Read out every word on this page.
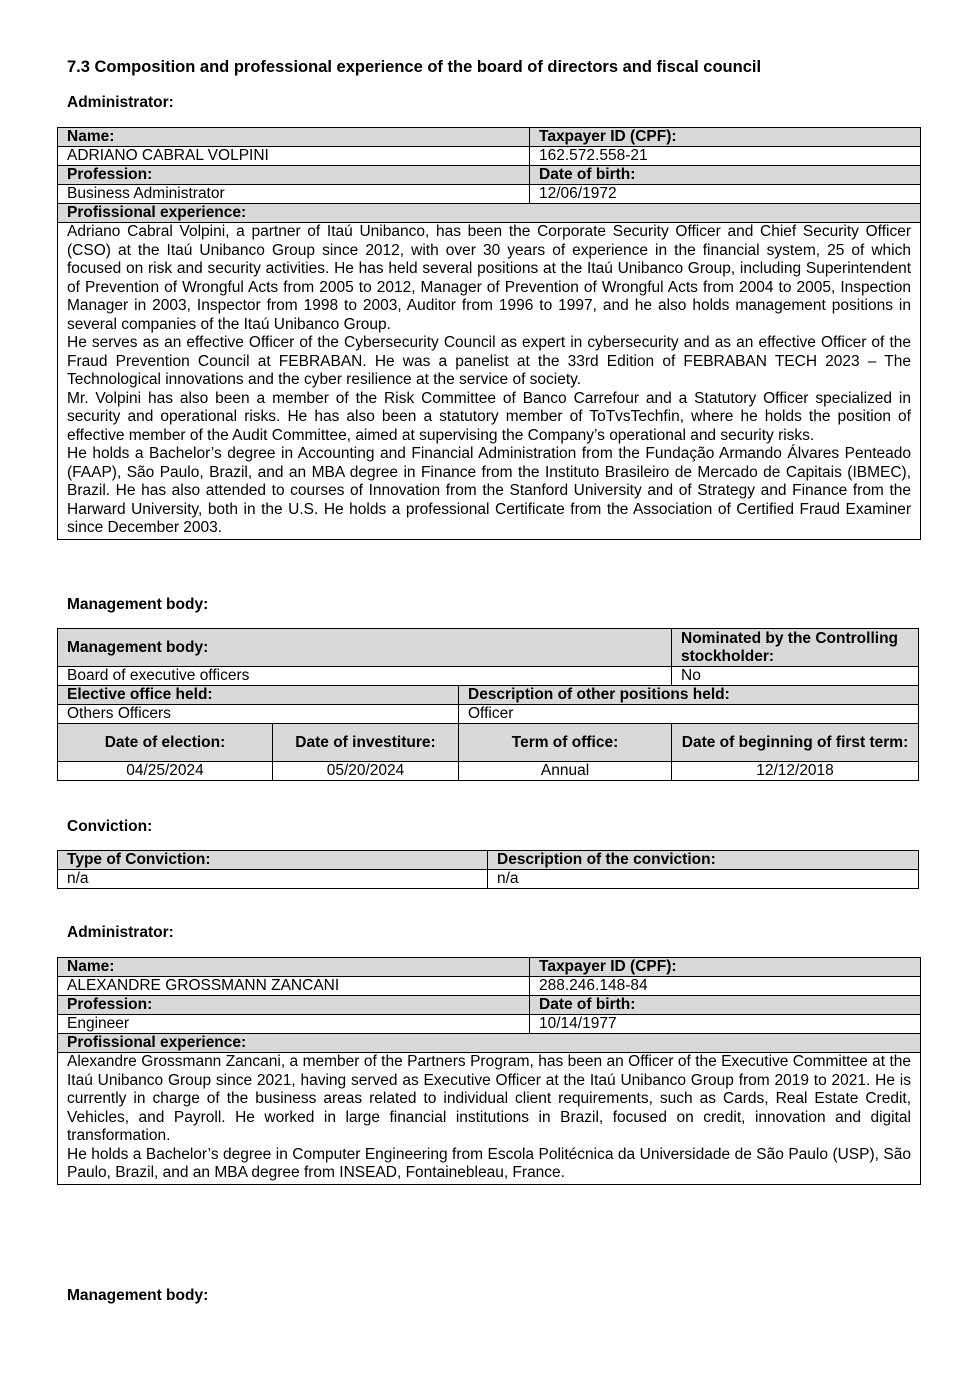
7.3 Composition and professional experience of the board of directors and fiscal council
Administrator:
Name:	Taxpayer ID (CPF):
ADRIANO CABRAL VOLPINI	162.572.558-21
Profession:	Date of birth:
Business Administrator	12/06/1972
Profissional experience:	

Adriano Cabral Volpini, a partner of Itaú Unibanco, has been the Corporate Security Officer and Chief Security Officer (CSO) at the Itaú Unibanco Group since 2012, with over 30 years of experience in the financial system, 25 of which focused on risk and security activities. He has held several positions at the Itaú Unibanco Group, including Superintendent of Prevention of Wrongful Acts from 2005 to 2012, Manager of Prevention of Wrongful Acts from 2004 to 2005, Inspection Manager in 2003, Inspector from 1998 to 2003, Auditor from 1996 to 1997, and he also holds management positions in several companies of the Itaú Unibanco Group.

He serves as an effective Officer of the Cybersecurity Council as expert in cybersecurity and as an effective Officer of the Fraud Prevention Council at FEBRABAN. He was a panelist at the 33rd Edition of FEBRABAN TECH 2023 – The Technological innovations and the cyber resilience at the service of society.

Mr. Volpini has also been a member of the Risk Committee of Banco Carrefour and a Statutory Officer specialized in security and operational risks. He has also been a statutory member of ToTvsTechfin, where he holds the position of effective member of the Audit Committee, aimed at supervising the Company’s operational and security risks.

He holds a Bachelor’s degree in Accounting and Financial Administration from the Fundação Armando Álvares Penteado (FAAP), São Paulo, Brazil, and an MBA degree in Finance from the Instituto Brasileiro de Mercado de Capitais (IBMEC), Brazil. He has also attended to courses of Innovation from the Stanford University and of Strategy and Finance from the Harward University, both in the U.S. He holds a professional Certificate from the Association of Certified Fraud Examiner since December 2003.	

Management body:
Management body:			Nominated by the Controlling stockholder:
Board of executive officers			No
Elective office held:		Description of other positions held:	
Others Officers		Officer	
Date of election:	Date of investiture:	Term of office:	Date of beginning of first term:
04/25/2024	05/20/2024	Annual	12/12/2018
Conviction:
Type of Conviction:	Description of the conviction:
n/a	n/a
Administrator:
Name:	Taxpayer ID (CPF):
ALEXANDRE GROSSMANN ZANCANI	288.246.148-84
Profession:	Date of birth:
Engineer	10/14/1977
Profissional experience:	

Alexandre Grossmann Zancani, a member of the Partners Program, has been an Officer of the Executive Committee at the Itaú Unibanco Group since 2021, having served as Executive Officer at the Itaú Unibanco Group from 2019 to 2021. He is currently in charge of the business areas related to individual client requirements, such as Cards, Real Estate Credit, Vehicles, and Payroll. He worked in large financial institutions in Brazil, focused on credit, innovation and digital transformation.

He holds a Bachelor’s degree in Computer Engineering from Escola Politécnica da Universidade de São Paulo (USP), São Paulo, Brazil, and an MBA degree from INSEAD, Fontainebleau, France.	

Management body:
